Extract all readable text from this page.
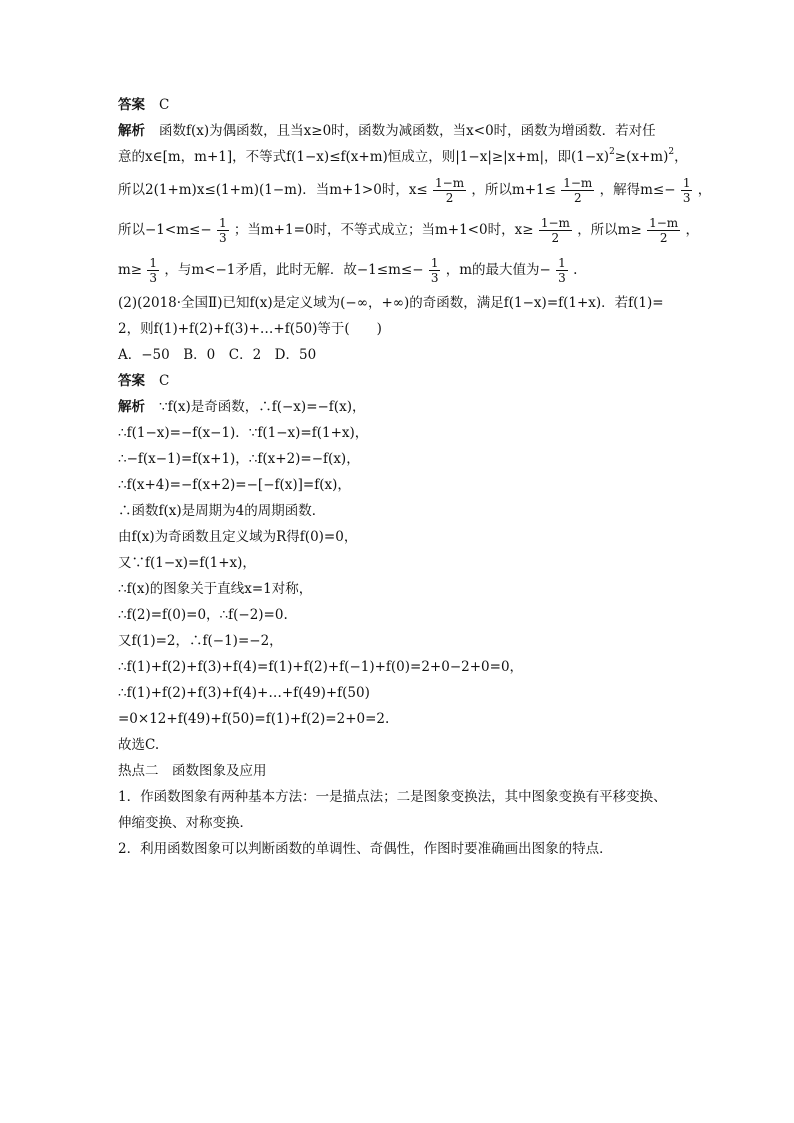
答案 C
解析 函数f(x)为偶函数，且当x≥0时，函数为减函数，当x<0时，函数为增函数．若对任
意的x∈[m，m+1]，不等式f(1−x)≤f(x+m)恒成立，则|1−x|≥|x+m|，即$(1-x)^2\ge(x+m)^2$，
所以2(1+m)x≤(1+m)(1−m)．当m+1>0时，$x\le \frac{1-m}{2}$ ，所以$m+1\le \frac{1-m}{2}$ ，解得$m\le- \frac{1}{3}$ ，
所以$-1<m\le- \frac{1}{3}$ ；当m+1=0时，不等式成立；当m+1<0时，$x\ge \frac{1-m}{2}$ ，所以$m\ge \frac{1-m}{2}$ ，
$m\ge \frac{1}{3}$ ，与m<−1矛盾，此时无解．故$-1\le m\le- \frac{1}{3}$ ，m的最大值为− $\frac{1}{3}$ .
(2)(2018·全国Ⅱ)已知f(x)是定义域为(−∞，+∞)的奇函数，满足f(1−x)=f(1+x)．若f(1)=
2，则f(1)+f(2)+f(3)+…+f(50)等于(　　)
A．−50　B．0　C．2　D．50
答案 C
解析 ∵f(x)是奇函数，∴f(−x)=−f(x)，
∴f(1−x)=−f(x−1)．∵f(1−x)=f(1+x)，
∴−f(x−1)=f(x+1)，∴f(x+2)=−f(x)，
∴f(x+4)=−f(x+2)=−[−f(x)]=f(x)，
∴函数f(x)是周期为4的周期函数．
由f(x)为奇函数且定义域为R得f(0)=0，
又∵f(1−x)=f(1+x)，
∴f(x)的图象关于直线x=1对称，
∴f(2)=f(0)=0，∴f(−2)=0.
又f(1)=2，∴f(−1)=−2，
∴f(1)+f(2)+f(3)+f(4)=f(1)+f(2)+f(−1)+f(0)=2+0−2+0=0，
∴f(1)+f(2)+f(3)+f(4)+…+f(49)+f(50)
=0×12+f(49)+f(50)=f(1)+f(2)=2+0=2.
故选C.
热点二　函数图象及应用
1．作函数图象有两种基本方法：一是描点法；二是图象变换法，其中图象变换有平移变换、
伸缩变换、对称变换．
2．利用函数图象可以判断函数的单调性、奇偶性，作图时要准确画出图象的特点．
